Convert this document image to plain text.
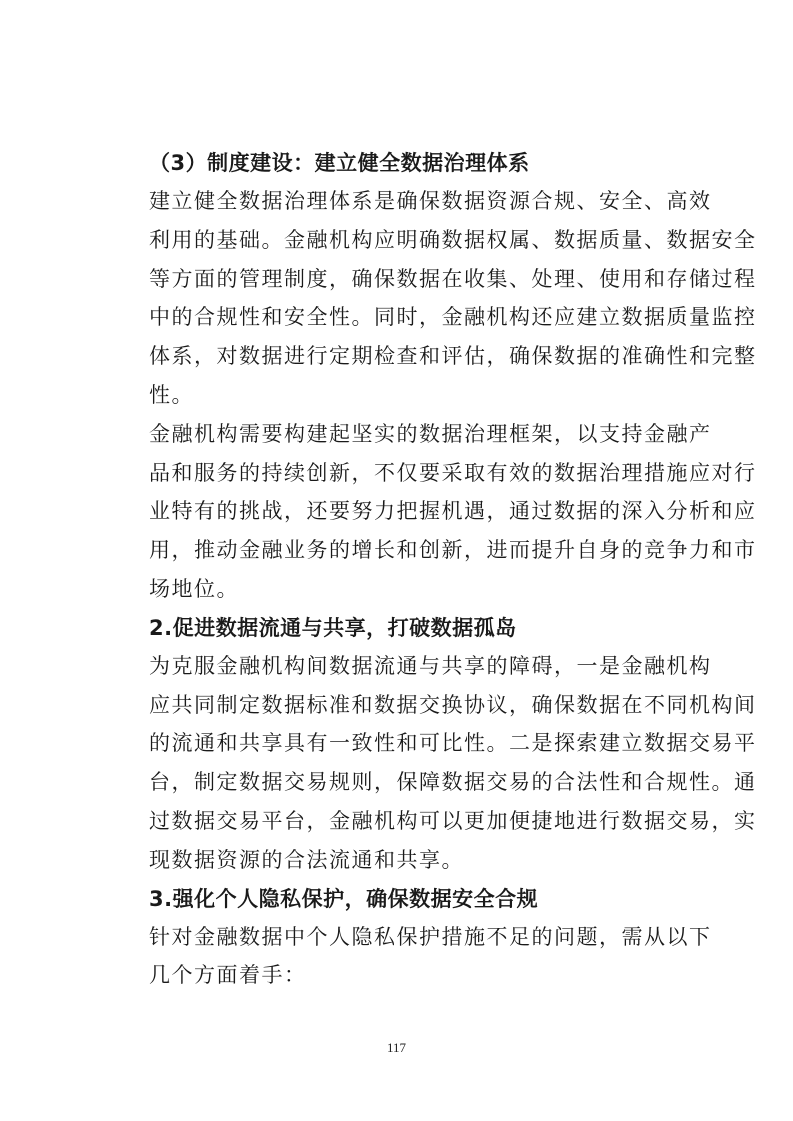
（3）制度建设：建立健全数据治理体系

建立健全数据治理体系是确保数据资源合规、安全、高效
利用的基础。金融机构应明确数据权属、数据质量、数据安全
等方面的管理制度，确保数据在收集、处理、使用和存储过程
中的合规性和安全性。同时，金融机构还应建立数据质量监控
体系，对数据进行定期检查和评估，确保数据的准确性和完整
性。

金融机构需要构建起坚实的数据治理框架，以支持金融产
品和服务的持续创新，不仅要采取有效的数据治理措施应对行
业特有的挑战，还要努力把握机遇，通过数据的深入分析和应
用，推动金融业务的增长和创新，进而提升自身的竞争力和市
场地位。

2.促进数据流通与共享，打破数据孤岛

为克服金融机构间数据流通与共享的障碍，一是金融机构
应共同制定数据标准和数据交换协议，确保数据在不同机构间
的流通和共享具有一致性和可比性。二是探索建立数据交易平
台，制定数据交易规则，保障数据交易的合法性和合规性。通
过数据交易平台，金融机构可以更加便捷地进行数据交易，实
现数据资源的合法流通和共享。

3.强化个人隐私保护，确保数据安全合规

针对金融数据中个人隐私保护措施不足的问题，需从以下
几个方面着手：

117
